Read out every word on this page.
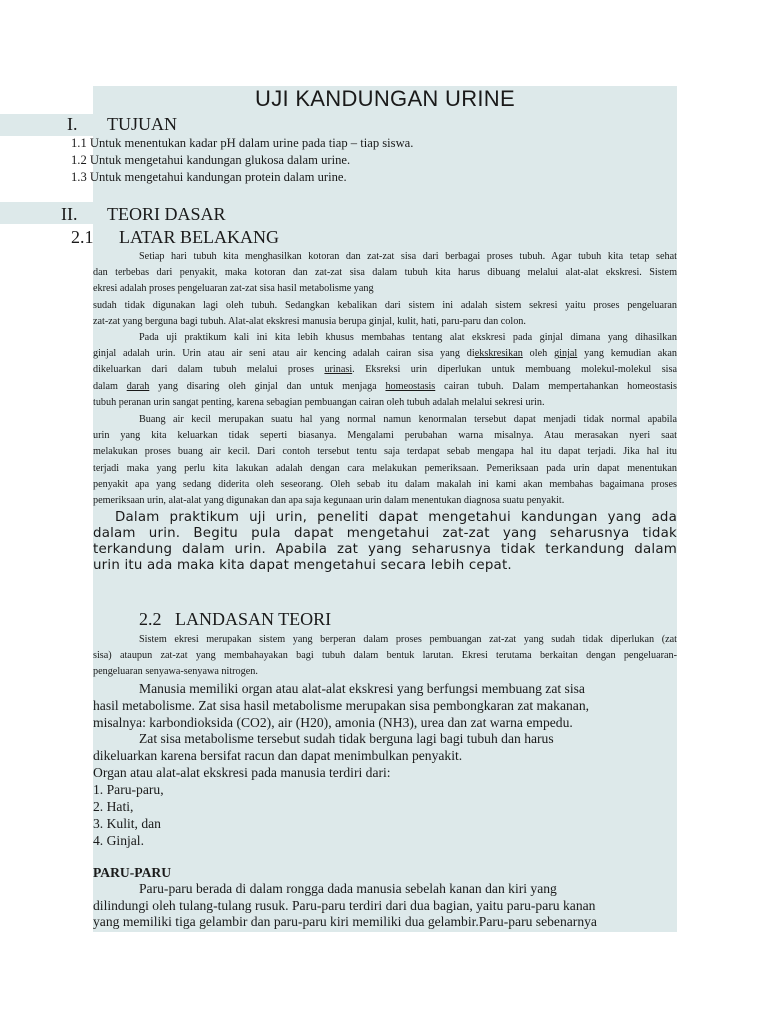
UJI KANDUNGAN URINE
I. TUJUAN
1.1 Untuk menentukan kadar pH dalam urine pada tiap – tiap siswa.
1.2 Untuk mengetahui kandungan glukosa dalam urine.
1.3 Untuk mengetahui kandungan protein dalam urine.
II. TEORI DASAR
2.1 LATAR BELAKANG
Setiap hari tubuh kita menghasilkan kotoran dan zat-zat sisa dari berbagai proses tubuh. Agar tubuh kita tetap sehat
dan terbebas dari penyakit, maka kotoran dan zat-zat sisa dalam tubuh kita harus dibuang melalui alat-alat ekskresi. Sistem
ekresi adalah proses pengeluaran zat-zat sisa hasil metabolisme yang
sudah tidak digunakan lagi oleh tubuh. Sedangkan kebalikan dari sistem ini adalah sistem sekresi yaitu proses pengeluaran
zat-zat yang berguna bagi tubuh. Alat-alat ekskresi manusia berupa ginjal, kulit, hati, paru-paru dan colon.
Pada uji praktikum kali ini kita lebih khusus membahas tentang alat ekskresi pada ginjal dimana yang dihasilkan
ginjal adalah urin. Urin atau air seni atau air kencing adalah cairan sisa yang diekskresikan oleh ginjal yang kemudian akan
dikeluarkan dari dalam tubuh melalui proses urinasi. Eksreksi urin diperlukan untuk membuang molekul-molekul sisa
dalam darah yang disaring oleh ginjal dan untuk menjaga homeostasis cairan tubuh. Dalam mempertahankan homeostasis
tubuh peranan urin sangat penting, karena sebagian pembuangan cairan oleh tubuh adalah melalui sekresi urin.
Buang air kecil merupakan suatu hal yang normal namun kenormalan tersebut dapat menjadi tidak normal apabila
urin yang kita keluarkan tidak seperti biasanya. Mengalami perubahan warna misalnya. Atau merasakan nyeri saat
melakukan proses buang air kecil. Dari contoh tersebut tentu saja terdapat sebab mengapa hal itu dapat terjadi. Jika hal itu
terjadi maka yang perlu kita lakukan adalah dengan cara melakukan pemeriksaan. Pemeriksaan pada urin dapat menentukan
penyakit apa yang sedang diderita oleh seseorang. Oleh sebab itu dalam makalah ini kami akan membahas bagaimana proses
pemeriksaan urin, alat-alat yang digunakan dan apa saja kegunaan urin dalam menentukan diagnosa suatu penyakit.
Dalam praktikum uji urin, peneliti dapat mengetahui kandungan yang ada
dalam urin. Begitu pula dapat mengetahui zat-zat yang seharusnya tidak
terkandung dalam urin. Apabila zat yang seharusnya tidak terkandung dalam
urin itu ada maka kita dapat mengetahui secara lebih cepat.
2.2 LANDASAN TEORI
Sistem ekresi merupakan sistem yang berperan dalam proses pembuangan zat-zat yang sudah tidak diperlukan (zat
sisa) ataupun zat-zat yang membahayakan bagi tubuh dalam bentuk larutan. Ekresi terutama berkaitan dengan pengeluaran-
pengeluaran senyawa-senyawa nitrogen.
Manusia memiliki organ atau alat-alat ekskresi yang berfungsi membuang zat sisa
hasil metabolisme. Zat sisa hasil metabolisme merupakan sisa pembongkaran zat makanan,
misalnya: karbondioksida (CO2), air (H20), amonia (NH3), urea dan zat warna empedu.
Zat sisa metabolisme tersebut sudah tidak berguna lagi bagi tubuh dan harus
dikeluarkan karena bersifat racun dan dapat menimbulkan penyakit.
Organ atau alat-alat ekskresi pada manusia terdiri dari:
1. Paru-paru,
2. Hati,
3. Kulit, dan
4. Ginjal.
PARU-PARU
Paru-paru berada di dalam rongga dada manusia sebelah kanan dan kiri yang
dilindungi oleh tulang-tulang rusuk. Paru-paru terdiri dari dua bagian, yaitu paru-paru kanan
yang memiliki tiga gelambir dan paru-paru kiri memiliki dua gelambir.Paru-paru sebenarnya
